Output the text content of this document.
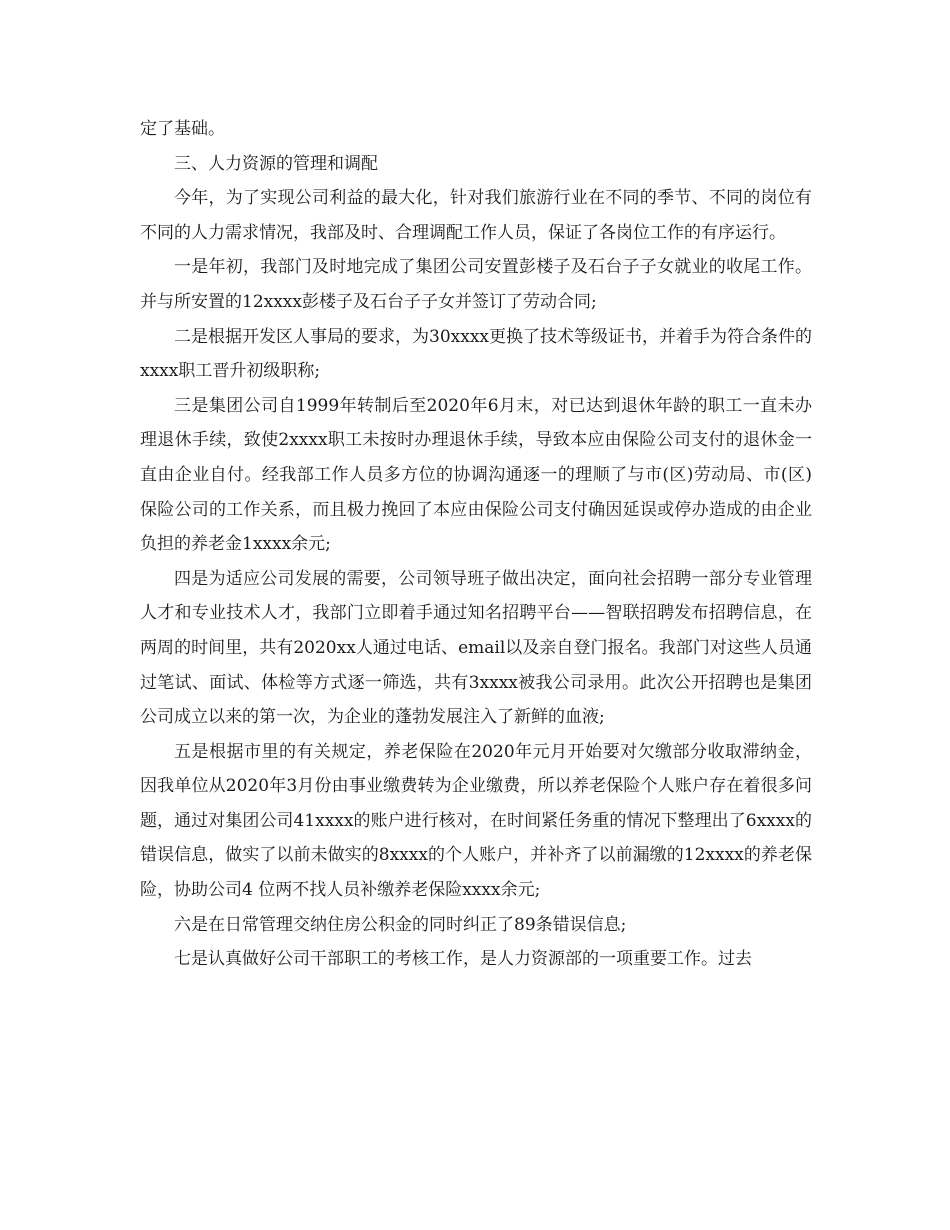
定了基础。

三、人力资源的管理和调配

今年，为了实现公司利益的最大化，针对我们旅游行业在不同的季节、不同的岗位有不同的人力需求情况，我部及时、合理调配工作人员，保证了各岗位工作的有序运行。

一是年初，我部门及时地完成了集团公司安置彭楼子及石台子子女就业的收尾工作。并与所安置的12xxxx彭楼子及石台子子女并签订了劳动合同;

二是根据开发区人事局的要求，为30xxxx更换了技术等级证书，并着手为符合条件的xxxx职工晋升初级职称;

三是集团公司自1999年转制后至2020年6月末，对已达到退休年龄的职工一直未办理退休手续，致使2xxxx职工未按时办理退休手续，导致本应由保险公司支付的退休金一直由企业自付。经我部工作人员多方位的协调沟通逐一的理顺了与市(区)劳动局、市(区)保险公司的工作关系，而且极力挽回了本应由保险公司支付确因延误或停办造成的由企业负担的养老金1xxxx余元;

四是为适应公司发展的需要，公司领导班子做出决定，面向社会招聘一部分专业管理人才和专业技术人才，我部门立即着手通过知名招聘平台——智联招聘发布招聘信息，在两周的时间里，共有2020xx人通过电话、email以及亲自登门报名。我部门对这些人员通过笔试、面试、体检等方式逐一筛选，共有3xxxx被我公司录用。此次公开招聘也是集团公司成立以来的第一次，为企业的蓬勃发展注入了新鲜的血液;

五是根据市里的有关规定，养老保险在2020年元月开始要对欠缴部分收取滞纳金，因我单位从2020年3月份由事业缴费转为企业缴费，所以养老保险个人账户存在着很多问题，通过对集团公司41xxxx的账户进行核对，在时间紧任务重的情况下整理出了6xxxx的错误信息，做实了以前未做实的8xxxx的个人账户，并补齐了以前漏缴的12xxxx的养老保险，协助公司4 位两不找人员补缴养老保险xxxx余元;

六是在日常管理交纳住房公积金的同时纠正了89条错误信息;

七是认真做好公司干部职工的考核工作，是人力资源部的一项重要工作。过去
